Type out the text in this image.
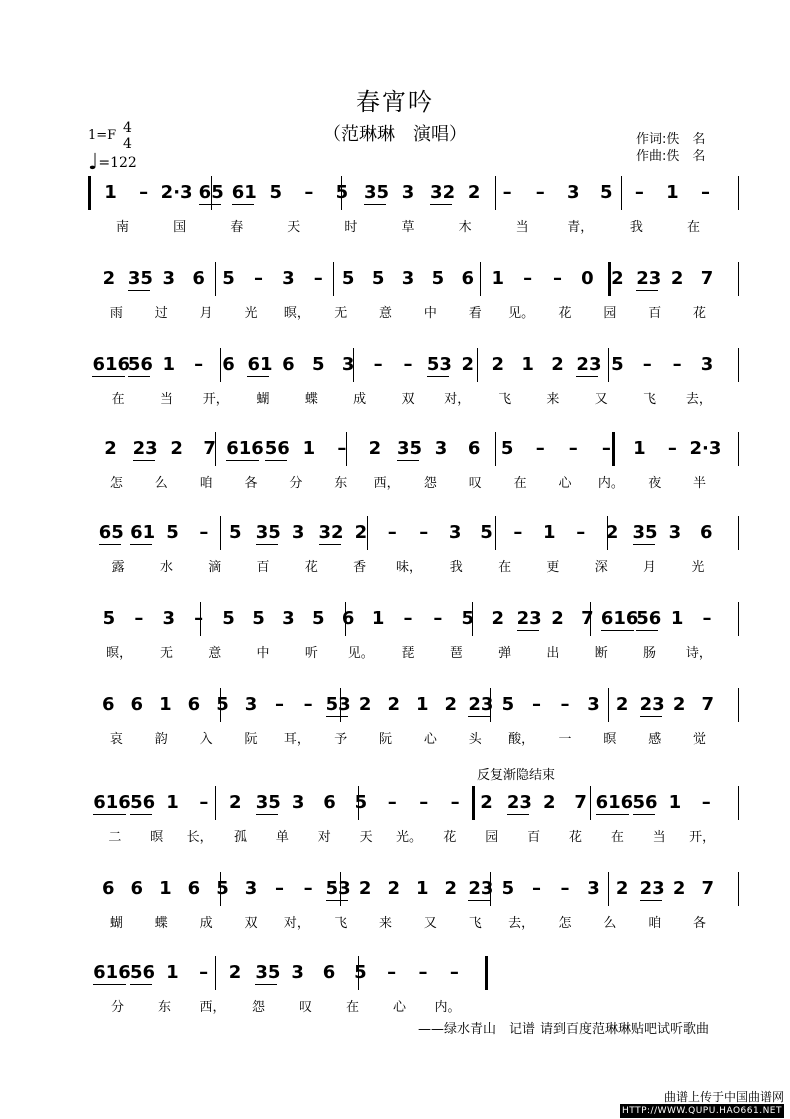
春宵吟
（范琳琳　演唱）
1=F 4
4
♩=122
作词:佚　名
作曲:佚　名
1	– 2·3 65 61 5	–	5 35 3 32 2	–	–	3 5	–	1	–
南	国	春	天	时	草	木	当	青，	我	在
2 35 3 6 5	–	3	–	5 5 3 5 6 1	–	–	0 2 23 2 7
雨	过	月	光	暝，	无	意	中	看	见。	花	园	百	花
616
56 1	–	6 61 6 5 3	–	– 53 2 2 1 2 23 5	–	–	3
在	当	开，	蝴	蝶	成	双	对，	飞	来	又	飞	去，
2 23 2 7 616 56 1	–	2 35 3 6 5	–	–	–	1	– 2·3
怎	么	咱	各	分	东	西，	怨	叹	在	心	内。	夜	半
65 61 5	–	5 35 3 32 2	–	–	3 5	–	1	–	2 35 3 6
露	水	滴	百	花	香	味，	我	在	更	深	月	光
5	–	3	–	5 5 3 5 6 1	–	–	5 2 23 2 7 616
56 1	–
暝，	无	意	中	听	见。	琵	琶	弹	出	断	肠	诗，
6 6 1 6 5 3 –	– 53 2 2 1 2 23 5 –	– 3 2 23 2 7
哀	韵	入	阮	耳，	予	阮	心	头	酸，	一	暝	感	觉
616 56 1	–	2 35 3 6 5	–	–	–	2 23 2 7 616 56 1	–
二	暝	长，	孤	单	对	天	光。	花	园	百	花	在	当	开，
6 6 1 6 5 3 –	– 53 2 2 1 2 23 5 –	– 3 2 23 2 7
蝴	蝶	成	双	对，	飞	来	又	飞	去，	怎	么	咱	各
616 56 1	–	2 35 3 6 5	–	–	–
分	东	西，	怨	叹	在	心	内。
反复渐隐结束
——绿水青山　记谱 请到百度范琳琳贴吧试听歌曲
曲谱上传于中国曲谱网
HTTP://WWW.QUPU.HAO661.NET
